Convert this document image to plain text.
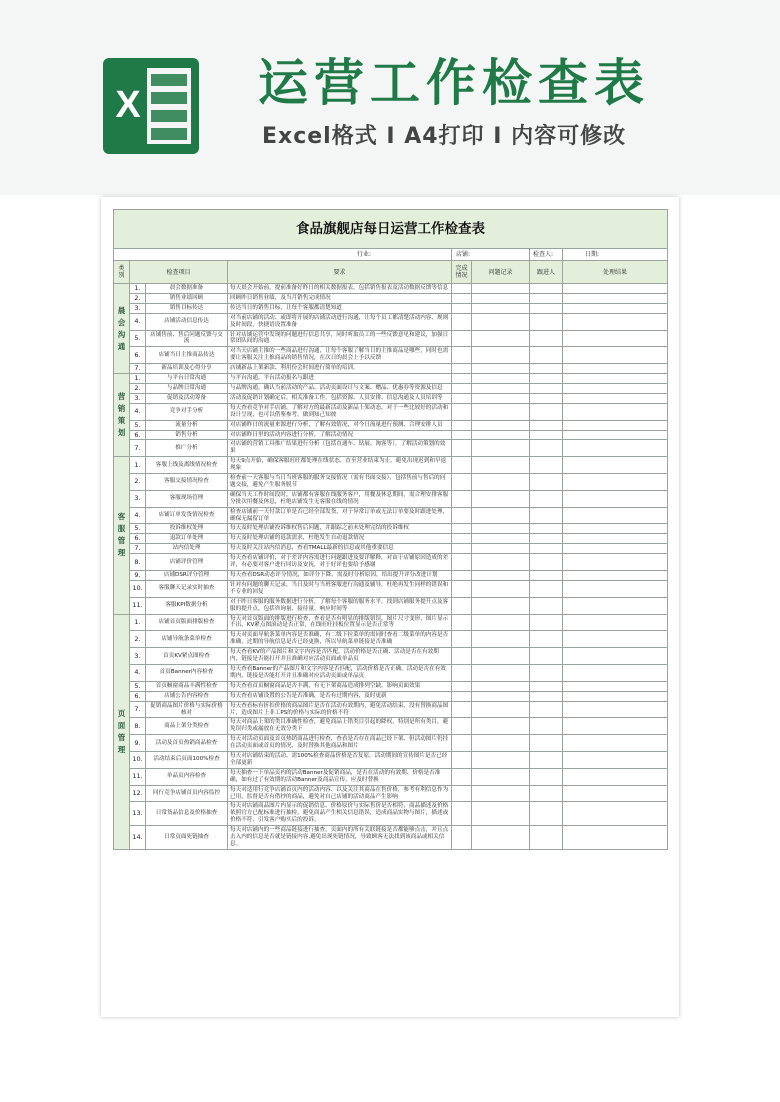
X 运营工作检查表
Excel格式 I A4打印 I 内容可修改
食品旗舰店每日运营工作检查表							
行业:				店铺:		检查人:	日期:
类别	检查项目		要求	完成情况	问题记录	跟进人	处理结果
晨会沟通	1.	晨会数据准备	每天晨会开始前，提前准备好昨日的相关数据报表，包括销售报表及活动数据反馈等信息				
	2.	销售业绩回顾	回顾昨日销售业绩，及当月销售完成情况				
	3.	销售目标传达	传达当日的销售目标，让每个客服都清楚知道				
	4.	店铺活动信息传达	对当前店铺的活动、或即将开展的店铺活动进行沟通，让每个员工都清楚活动内容、规则及时间段，快捷语设置准备				
	5.	店铺售前、售后问题反馈与交流	针对店铺运营中发现的问题进行信息共享，同时听取员工的一些反馈意见和建议，加强日常团队间的沟通				
	6.	店铺当日主推商品传达	对当天店铺主推的一些商品进行沟通，让每个客服了解当日的主推商品是哪些，同时也需要让客服关注主推商品的销售情况，在次日的晨会上予以反馈				
	7.	新品培训及心得分享	店铺新品上架新款、利用份会时间进行简单的培训。				
营销策划	1.	与平台日常沟通	与平台沟通，平台活动报名与跟进				
	2.	与品牌日常沟通	与品牌沟通，确认当前活动的产品、活动页面设计与文案、赠品、优惠券等资源及信息				
	3.	促销及活动筹备	活动及促销计划确定后，相关准备工作，包括资源、人员安排、信息沟通及人员培训等				
	4.	竞争对手分析	每天查看竞争对手店铺，了解对方的最新活动及新品上架动态，对于一些比较好的活动和设计呈现，也可以借鉴参考，做到知己知彼				
	5.	流量分析	对店铺昨日的流量来源进行分析，了解有效情况，对今日流量进行预测、合理安排人员				
	6.	销售分析	对店铺昨日里的活动内容进行分析，了解活动情况				
	7.	推广分析	对店铺的营销工具推广结果进行分析（包括直通车、钻展、淘客等），了解活动策划的效果				
客服管理	1.	客服上线及离线情况检查	每天9点开始，确保客服旺旺都处理在线状态，直至营业结束为止，避免出现迟到和早退现象				
	2.	客服交接情况检查	检查前一天客服与当日当班客服的服务交接情况（需有书面交接），包括售前与售后的问题交接，避免产生服务脱节				
	3.	客服现场管理	确保当天工作时间段时，店铺都有客服在线服务客户，用餐及休息期间，需合理安排客服分批次用餐及休息，杜绝店铺发生无客服在线的情况				
	4.	店铺订单发货情况检查	检查店铺前一天付款订单是否已经全部发货，对于异常订单或无法订单要及时跟进处理，确保无漏留订单				
	5.	投诉维权处理	每天及时处理店铺投诉维权售后问题，并跟踪之前未处理完结的投诉维权				
	6.	退款订单处理	每天及时处理店铺的退款需求，杜绝发生自动退款情况				
	7.	站内信处理	每天及时关注站内信消息，查看TMALL最新的信息或其他重要信息				
	8.	店铺评价管理	每天查看店铺评价，对于差评内容需进行问题跟进及要详解释，对由于店铺原因造成的差评，有必要对客户进行回访及安抚，对于好评也要给予感谢				
	9.	店铺DSR评分管理	每天查看DSR动态评分情况，如评分下降，需及时分析原因，给出提升评分改进计划				
	10.	客服聊天记录实时抽查	针对有问题的聊天记录，当日及时与当班客服进行沟通及辅导，杜绝再发生同样的错误和不专业的回复				
	11.	客服KPI数据分析	对于昨日客服的服务数据进行分析，了解每个客服的服务水平，找到店铺服务提升点及客服的提升点，包括咨询量、接待量、响应时间等				
页面管理	1.	店铺首页版面排版检查	每天对首页版面的排版进行检查，查看是否有明显的排版错误，图片尺寸变形，图片显示不出、KV紧点图滚动是否正常，在线旺旺挂板位置显示是否正常等				
	2.	店铺导航条菜单检查	每天对页面导航条菜单内容是否准确，有二级下拉菜单的需同时查看二级菜单的内容是否准确，过期的导航信息是否已经更换，所以导航菜单链接是否准确				
	3.	首页KV紧点图检查	每天查看KV的产品图片和文字内容是否匹配，活动价格是否正确、活动是否在有效期内，链接是否能打开并且准确对应活动页面或单品页				
	4.	首页Banner内容检查	每天查看Banner的产品图片和文字内容是否匹配，活动价格是否正确，活动是否在有效期内，链接是否能打开并且准确对应活动页面或单品页				
	5.	首页橱窗商品丰满性检查	每天查看首页橱窗商品是否丰满，有无下架商品造成排列空缺，影响页面效果				
	6.	店铺公告内容检查	每天查看店铺设置的公告是否准确，是否有过期内容，及时更新				
	7.	促销商品图片价格与实际价格核对	每天查看标有折扣价格的商品图片是否在活动有效期内，避免活动结束，没有替换商品图片，造成图片上非工PS的价格与实际的价格不符				
	8.	商品上架分类检查	每天对商品上架的类目准确性检查，避免商品上错类目引起的降权，特别是所有类目，避免误归类或漏放在无效分类下				
	9.	活动及首页热销商品检查	每天对活动页面及首页热销商品进行检查，查看是否存在商品已经下架、但活动图片仍挂在活动页面或首页的情况，及时替换其他商品和图片				
	10.	活动结束后页面100%检查	每天对店铺结束的活动、需100%检查商品价格是否复原，活动期间的宣传图片是否已经全部更新				
	11.	单品页内容检查	每天抽查一下单品页内的活动Banner及促销商品，是否在活动的有效期、价格是否准确，如有过了有效期的活动Banner及商品宣传，应及时替换				
	12.	同行竞争店铺首页内容监控	每天对适用行竞争店铺首页内的活动内容、以及关注其商品在售价格，参考有利信息作为已用，监督是否有借抄的商品，避免对自己店铺的活动商品产生影响				
	13.	日常货品信息及价格抽查	每天对店铺商品图片内显示的促销信息、价格原价与实际售价是否相符，商品描述及价格依照官方已配标准进行抽检，避免商品产生相关信息错误，造成商品实物与图片，描述或价格不符，引发客户购买后的投诉。				
	14.	日常页面死链抽查	每天对店铺内的一些商品链接进行抽查，页面内的所有关联链接是否都能够点击，并且点击入内的信息是否就是链接内容,避免出现死链情况，导致顾客无法找到该商品或相关信息。				
